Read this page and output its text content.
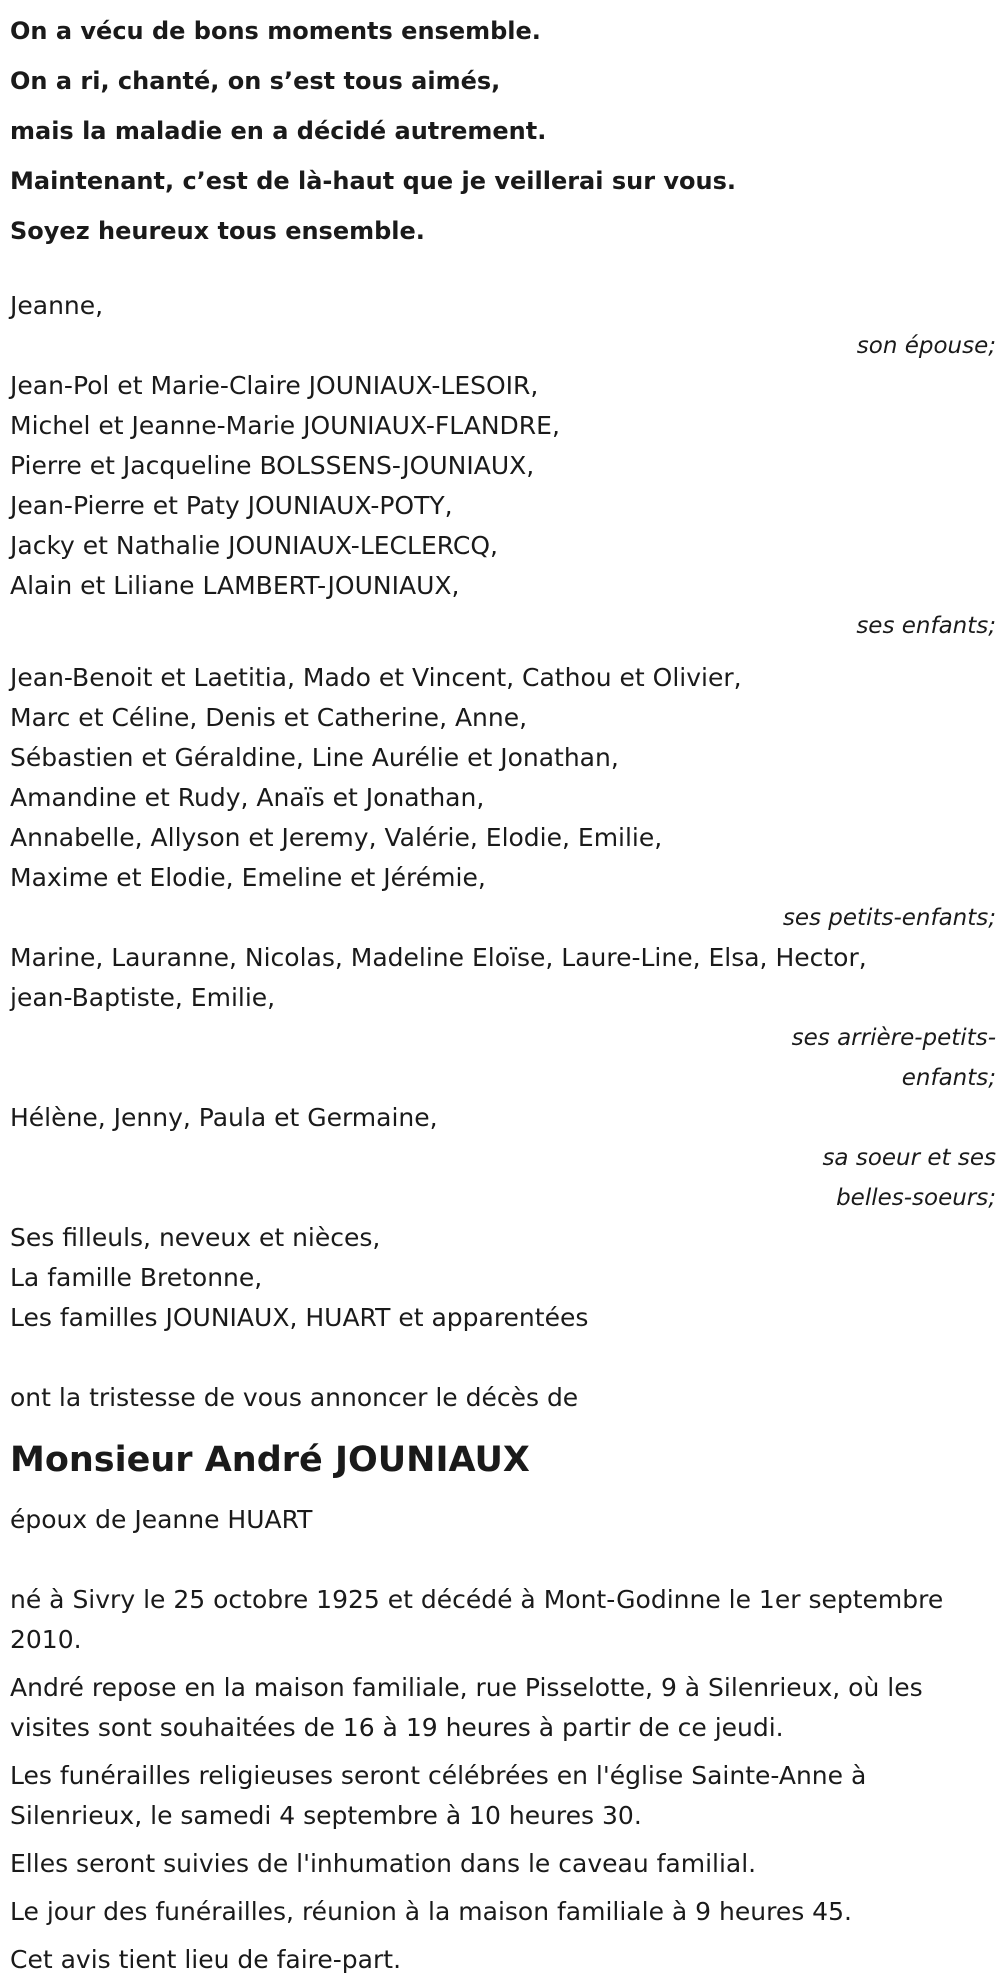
On a vécu de bons moments ensemble.
On a ri, chanté, on s’est tous aimés,
mais la maladie en a décidé autrement.
Maintenant, c’est de là-haut que je veillerai sur vous.
Soyez heureux tous ensemble.
Jeanne,
son épouse;
Jean-Pol et Marie-Claire JOUNIAUX-LESOIR,
Michel et Jeanne-Marie JOUNIAUX-FLANDRE,
Pierre et Jacqueline BOLSSENS-JOUNIAUX,
Jean-Pierre et Paty JOUNIAUX-POTY,
Jacky et Nathalie JOUNIAUX-LECLERCQ,
Alain et Liliane LAMBERT-JOUNIAUX,
ses enfants;
Jean-Benoit et Laetitia, Mado et Vincent, Cathou et Olivier,
Marc et Céline, Denis et Catherine, Anne,
Sébastien et Géraldine, Line Aurélie et Jonathan,
Amandine et Rudy, Anaïs et Jonathan,
Annabelle, Allyson et Jeremy, Valérie, Elodie, Emilie,
Maxime et Elodie, Emeline et Jérémie,
ses petits-enfants;
Marine, Lauranne, Nicolas, Madeline Eloïse, Laure-Line, Elsa, Hector,
jean-Baptiste, Emilie,
ses arrière-petits-
enfants;
Hélène, Jenny, Paula et Germaine,
sa soeur et ses
belles-soeurs;
Ses filleuls, neveux et nièces,
La famille Bretonne,
Les familles JOUNIAUX, HUART et apparentées
ont la tristesse de vous annoncer le décès de
Monsieur André JOUNIAUX
époux de Jeanne HUART
né à Sivry le 25 octobre 1925 et décédé à Mont-Godinne le 1er septembre 2010.
André repose en la maison familiale, rue Pisselotte, 9 à Silenrieux, où les visites sont souhaitées de 16 à 19 heures à partir de ce jeudi.
Les funérailles religieuses seront célébrées en l'église Sainte-Anne à Silenrieux, le samedi 4 septembre à 10 heures 30.
Elles seront suivies de l'inhumation dans le caveau familial.
Le jour des funérailles, réunion à la maison familiale à 9 heures 45.
Cet avis tient lieu de faire-part.
